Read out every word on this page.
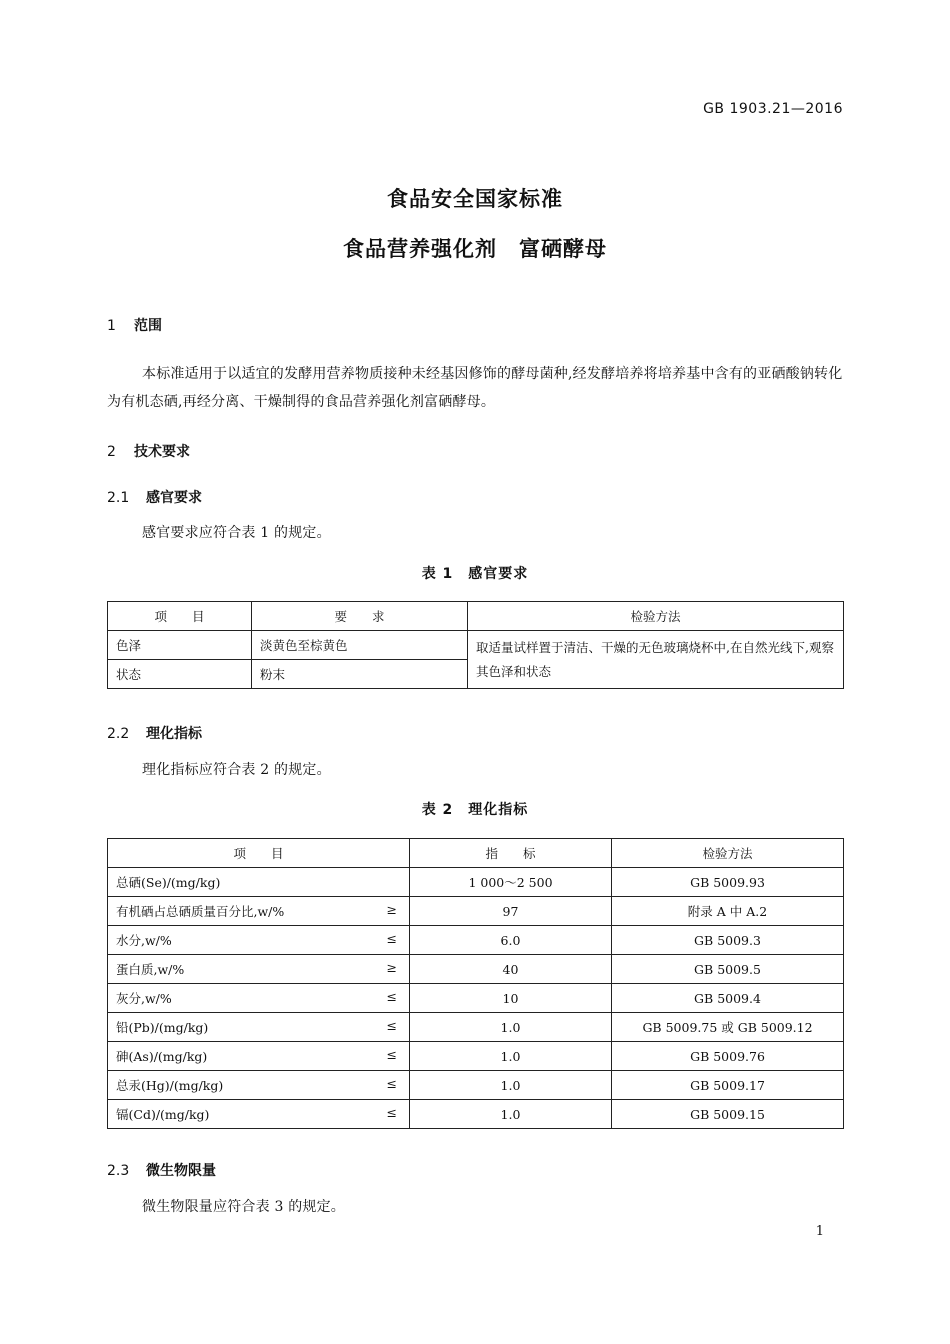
GB 1903.21—2016
食品安全国家标准
食品营养强化剂　富硒酵母
1 范围
本标准适用于以适宜的发酵用营养物质接种未经基因修饰的酵母菌种,经发酵培养将培养基中含有的亚硒酸钠转化为有机态硒,再经分离、干燥制得的食品营养强化剂富硒酵母。
2 技术要求
2.1 感官要求
感官要求应符合表 1 的规定。
表 1　感官要求
项　　目	要　　求	检验方法
色泽	淡黄色至棕黄色	取适量试样置于清洁、干燥的无色玻璃烧杯中,在自然光线下,观察其色泽和状态
状态	粉末	
2.2 理化指标
理化指标应符合表 2 的规定。
表 2　理化指标
项　　目	指　　标	检验方法
总硒(Se)/(mg/kg)	1 000～2 500	GB 5009.93
有机硒占总硒质量百分比,w/% ≥	97	附录 A 中 A.2
水分,w/% ≤	6.0	GB 5009.3
蛋白质,w/% ≥	40	GB 5009.5
灰分,w/% ≤	10	GB 5009.4
铅(Pb)/(mg/kg) ≤	1.0	GB 5009.75 或 GB 5009.12
砷(As)/(mg/kg) ≤	1.0	GB 5009.76
总汞(Hg)/(mg/kg) ≤	1.0	GB 5009.17
镉(Cd)/(mg/kg) ≤	1.0	GB 5009.15
2.3 微生物限量
微生物限量应符合表 3 的规定。
1
